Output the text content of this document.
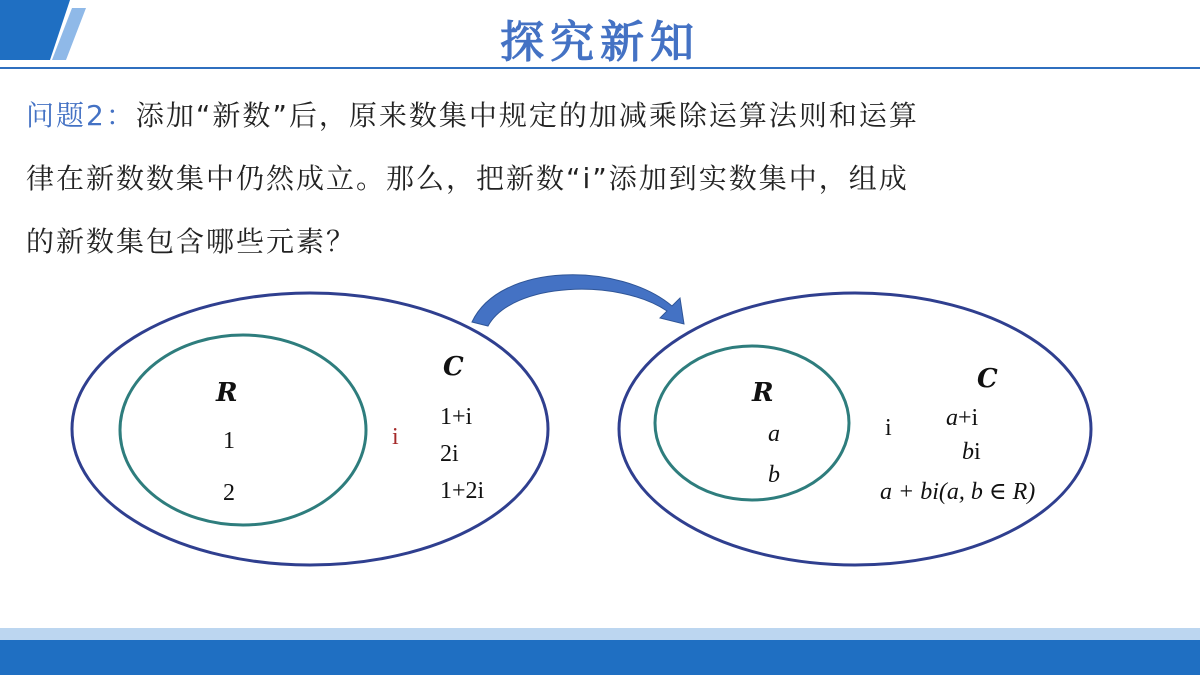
探究新知
问题2：添加“新数”后，原来数集中规定的加减乘除运算法则和运算
律在新数数集中仍然成立。那么，把新数“i”添加到实数集中，组成
的新数集包含哪些元素？
R
1
2
C
i
1+i
2i
1+2i
R
a
b
C
i a+i
bi
a + bi(a, b ∈ R)
